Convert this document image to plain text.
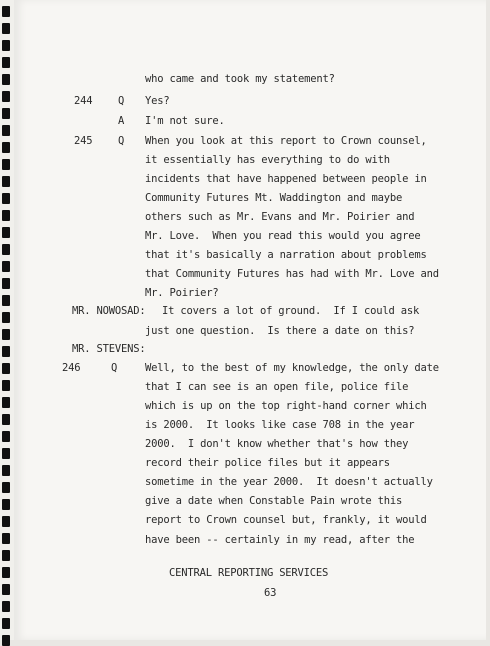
who came and took my statement?
244 Q Yes?
A I'm not sure.
245 Q When you look at this report to Crown counsel,
it essentially has everything to do with
incidents that have happened between people in
Community Futures Mt. Waddington and maybe
others such as Mr. Evans and Mr. Poirier and
Mr. Love.  When you read this would you agree
that it's basically a narration about problems
that Community Futures has had with Mr. Love and
Mr. Poirier?
MR. NOWOSAD: It covers a lot of ground.  If I could ask
just one question.  Is there a date on this?
MR. STEVENS:
246	Q	Well, to the best of my knowledge, the only date
that I can see is an open file, police file
which is up on the top right-hand corner which
is 2000.  It looks like case 708 in the year
2000.  I don't know whether that's how they
record their police files but it appears
sometime in the year 2000.  It doesn't actually
give a date when Constable Pain wrote this
report to Crown counsel but, frankly, it would
have been -- certainly in my read, after the
CENTRAL REPORTING SERVICES
63
